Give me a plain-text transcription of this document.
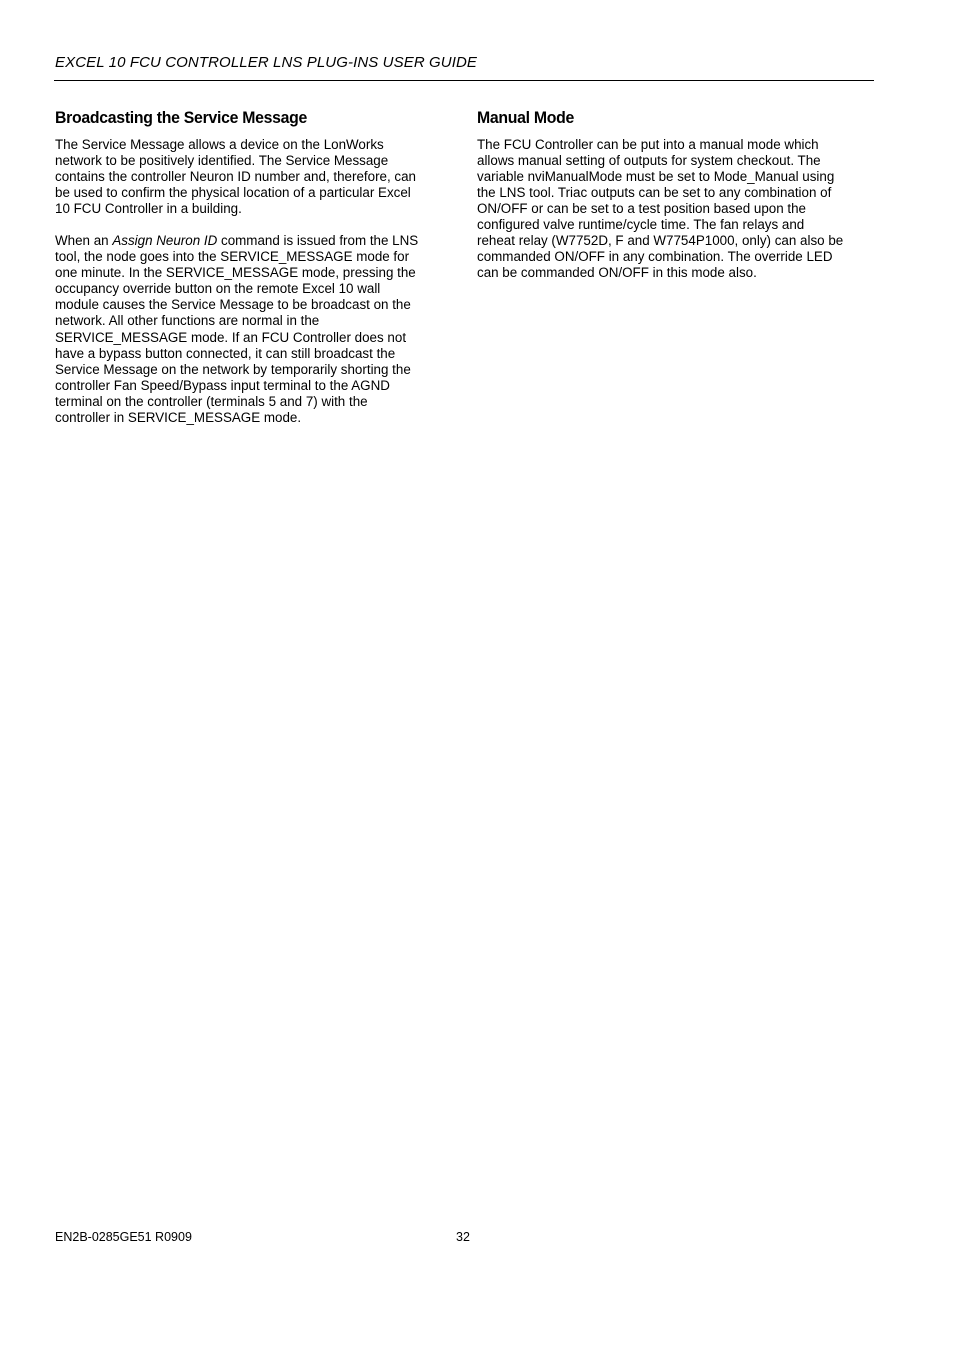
EXCEL 10 FCU CONTROLLER LNS PLUG-INS USER GUIDE
Broadcasting the Service Message

The Service Message allows a device on the LonWorks
network to be positively identified. The Service Message
contains the controller Neuron ID number and, therefore, can
be used to confirm the physical location of a particular Excel
10 FCU Controller in a building.

When an Assign Neuron ID command is issued from the LNS
tool, the node goes into the SERVICE_MESSAGE mode for
one minute. In the SERVICE_MESSAGE mode, pressing the
occupancy override button on the remote Excel 10 wall
module causes the Service Message to be broadcast on the
network. All other functions are normal in the
SERVICE_MESSAGE mode. If an FCU Controller does not
have a bypass button connected, it can still broadcast the
Service Message on the network by temporarily shorting the
controller Fan Speed/Bypass input terminal to the AGND
terminal on the controller (terminals 5 and 7) with the
controller in SERVICE_MESSAGE mode.

Manual Mode

The FCU Controller can be put into a manual mode which
allows manual setting of outputs for system checkout. The
variable nviManualMode must be set to Mode_Manual using
the LNS tool. Triac outputs can be set to any combination of
ON/OFF or can be set to a test position based upon the
configured valve runtime/cycle time. The fan relays and
reheat relay (W7752D, F and W7754P1000, only) can also be
commanded ON/OFF in any combination. The override LED
can be commanded ON/OFF in this mode also.

EN2B-0285GE51 R0909	32
